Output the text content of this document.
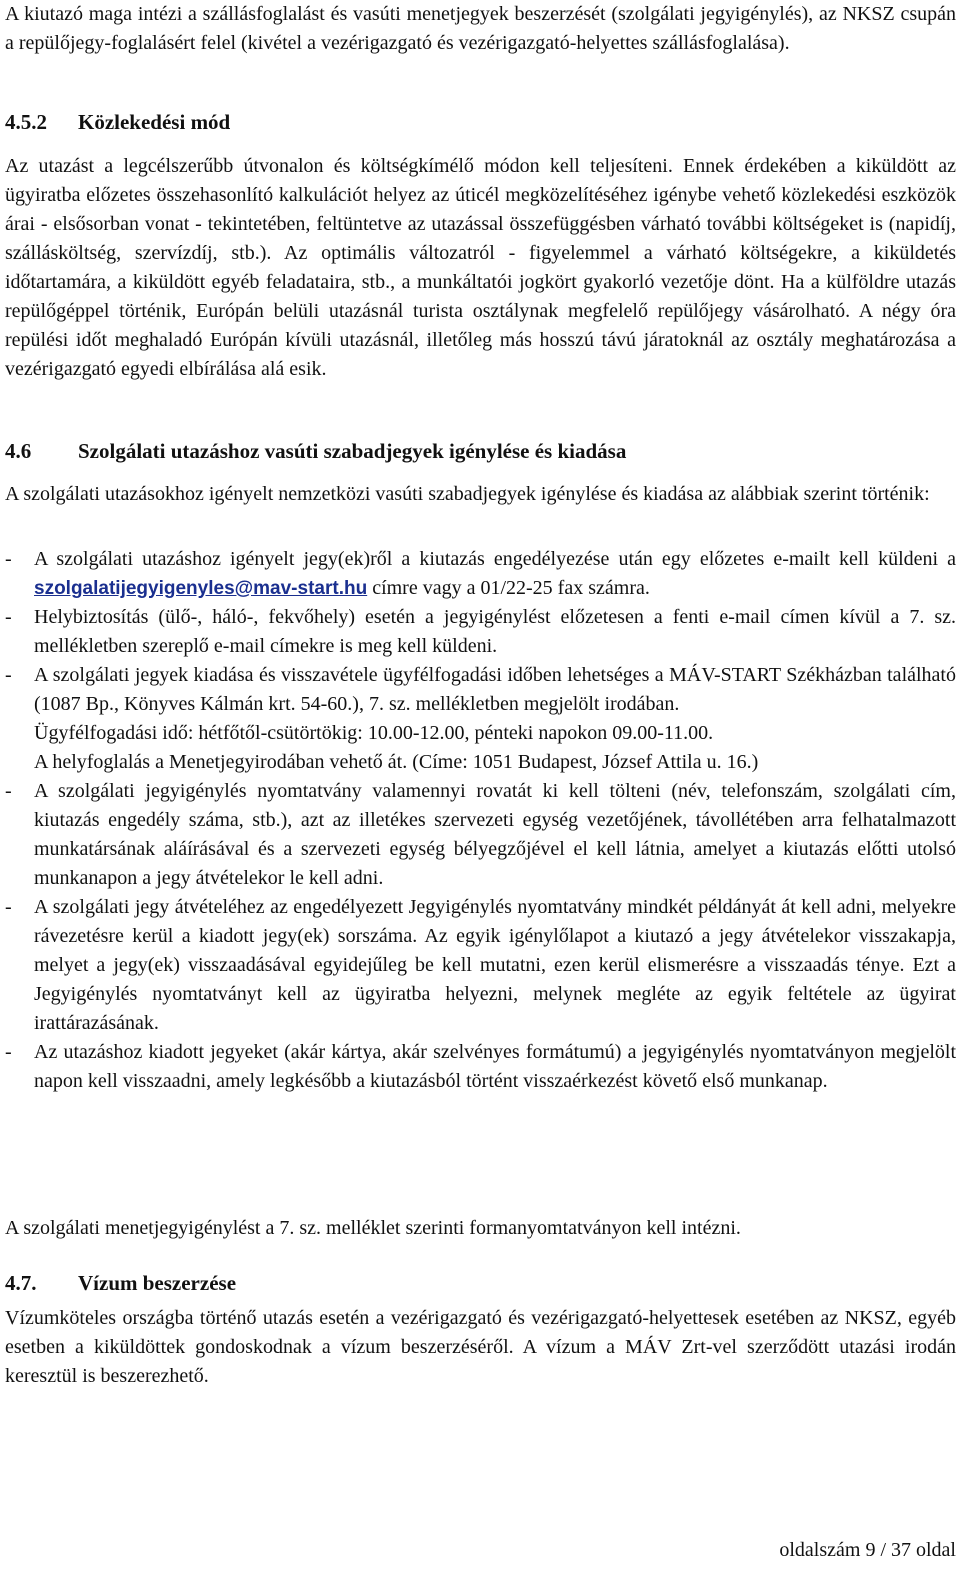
A kiutazó maga intézi a szállásfoglalást és vasúti menetjegyek beszerzését (szolgálati jegyigénylés), az NKSZ csupán a repülőjegy-foglalásért felel (kivétel a vezérigazgató és vezérigazgató-helyettes szállásfoglalása).

4.5.2 Közlekedési mód

Az utazást a legcélszerűbb útvonalon és költségkímélő módon kell teljesíteni. Ennek érdekében a kiküldött az ügyiratba előzetes összehasonlító kalkulációt helyez az úticél megközelítéséhez igénybe vehető közlekedési eszközök árai - elsősorban vonat - tekintetében, feltüntetve az utazással összefüggésben várható további költségeket is (napidíj, szállásköltség, szervízdíj, stb.). Az optimális változatról - figyelemmel a várható költségekre, a kiküldetés időtartamára, a kiküldött egyéb feladataira, stb., a munkáltatói jogkört gyakorló vezetője dönt. Ha a külföldre utazás repülőgéppel történik, Európán belüli utazásnál turista osztálynak megfelelő repülőjegy vásárolható. A négy óra repülési időt meghaladó Európán kívüli utazásnál, illetőleg más hosszú távú járatoknál az osztály meghatározása a vezérigazgató egyedi elbírálása alá esik.

4.6 Szolgálati utazáshoz vasúti szabadjegyek igénylése és kiadása

A szolgálati utazásokhoz igényelt nemzetközi vasúti szabadjegyek igénylése és kiadása az alábbiak szerint történik:

- A szolgálati utazáshoz igényelt jegy(ek)ről a kiutazás engedélyezése után egy előzetes e-mailt kell küldeni a szolgalatijegyigenyles@mav-start.hu címre vagy a 01/22-25 fax számra.
- Helybiztosítás (ülő-, háló-, fekvőhely) esetén a jegyigénylést előzetesen a fenti e-mail címen kívül a 7. sz. mellékletben szereplő e-mail címekre is meg kell küldeni.
- A szolgálati jegyek kiadása és visszavétele ügyfélfogadási időben lehetséges a MÁV-START Székházban található (1087 Bp., Könyves Kálmán krt. 54-60.), 7. sz. mellékletben megjelölt irodában.
Ügyfélfogadási idő: hétfőtől-csütörtökig: 10.00-12.00, pénteki napokon 09.00-11.00.
A helyfoglalás a Menetjegyirodában vehető át. (Címe: 1051 Budapest, József Attila u. 16.)
- A szolgálati jegyigénylés nyomtatvány valamennyi rovatát ki kell tölteni (név, telefonszám, szolgálati cím, kiutazás engedély száma, stb.), azt az illetékes szervezeti egység vezetőjének, távollétében arra felhatalmazott munkatársának aláírásával és a szervezeti egység bélyegzőjével el kell látnia, amelyet a kiutazás előtti utolsó munkanapon a jegy átvételekor le kell adni.
- A szolgálati jegy átvételéhez az engedélyezett Jegyigénylés nyomtatvány mindkét példányát át kell adni, melyekre rávezetésre kerül a kiadott jegy(ek) sorszáma. Az egyik igénylőlapot a kiutazó a jegy átvételekor visszakapja, melyet a jegy(ek) visszaadásával egyidejűleg be kell mutatni, ezen kerül elismerésre a visszaadás ténye. Ezt a Jegyigénylés nyomtatványt kell az ügyiratba helyezni, melynek megléte az egyik feltétele az ügyirat irattárazásának.
- Az utazáshoz kiadott jegyeket (akár kártya, akár szelvényes formátumú) a jegyigénylés nyomtatványon megjelölt napon kell visszaadni, amely legkésőbb a kiutazásból történt visszaérkezést követő első munkanap.

A szolgálati menetjegyigénylést a 7. sz. melléklet szerinti formanyomtatványon kell intézni.

4.7. Vízum beszerzése

Vízumköteles országba történő utazás esetén a vezérigazgató és vezérigazgató-helyettesek esetében az NKSZ, egyéb esetben a kiküldöttek gondoskodnak a vízum beszerzéséről. A vízum a MÁV Zrt-vel szerződött utazási irodán keresztül is beszerezhető.

oldalszám 9 / 37 oldal
